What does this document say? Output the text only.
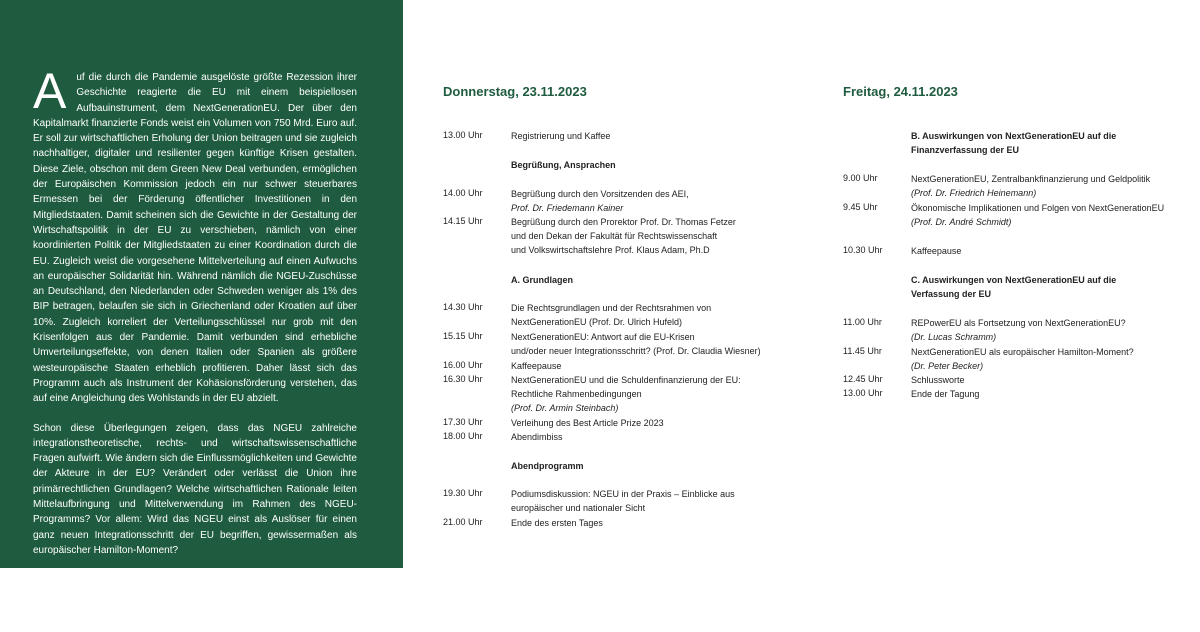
A uf die durch die Pandemie ausgelöste größte Rezession ihrer Geschichte reagierte die EU mit einem beispiellosen Aufbauinstrument, dem NextGenerationEU. Der über den Kapitalmarkt finanzierte Fonds weist ein Volumen von 750 Mrd. Euro auf. Er soll zur wirtschaftlichen Erholung der Union beitragen und sie zugleich nachhaltiger, digitaler und resilienter gegen künftige Krisen gestalten. Diese Ziele, obschon mit dem Green New Deal verbunden, ermöglichen der Europäischen Kommission jedoch ein nur schwer steuerbares Ermessen bei der Förderung öffentlicher Investitionen in den Mitgliedstaaten. Damit scheinen sich die Gewichte in der Gestaltung der Wirtschaftspolitik in der EU zu verschieben, nämlich von einer koordinierten Politik der Mitgliedstaaten zu einer Koordination durch die EU. Zugleich weist die vorgesehene Mittelverteilung auf einen Aufwuchs an europäischer Solidarität hin. Während nämlich die NGEU-Zuschüsse an Deutschland, den Niederlanden oder Schweden weniger als 1% des BIP betragen, belaufen sie sich in Griechenland oder Kroatien auf über 10%. Zugleich korreliert der Verteilungsschlüssel nur grob mit den Krisenfolgen aus der Pandemie. Damit verbunden sind erhebliche Umverteilungseffekte, von denen Italien oder Spanien als größere westeuropäische Staaten erheblich profitieren. Daher lässt sich das Programm auch als Instrument der Kohäsionsförderung verstehen, das auf eine Angleichung des Wohlstands in der EU abzielt.

Schon diese Überlegungen zeigen, dass das NGEU zahlreiche integrationstheoretische, rechts- und wirtschaftswissenschaftliche Fragen aufwirft. Wie ändern sich die Einflussmöglichkeiten und Gewichte der Akteure in der EU? Verändert oder verlässt die Union ihre primärrechtlichen Grundlagen? Welche wirtschaftlichen Rationale leiten Mittelaufbringung und Mittelverwendung im Rahmen des NGEU-Programms? Vor allem: Wird das NGEU einst als Auslöser für einen ganz neuen Integrationsschritt der EU begriffen, gewissermaßen als europäischer Hamilton-Moment?

Die diesjährige Jahrestagung des AEI greift diese und weitere Fragen auf und leistet einen wichtigen Debattenbeitrag zur richtigen Gestaltung und Feinjustierung der europäischen Integration in der Zukunft.

Donnerstag, 23.11.2023	Freitag, 24.11.2023
13.00 Uhr	Registrierung und Kaffee
Begrüßung, Ansprachen
14.00 Uhr	Begrüßung durch den Vorsitzenden des AEI,
Prof. Dr. Friedemann Kainer
14.15 Uhr	Begrüßung durch den Prorektor Prof. Dr. Thomas Fetzer
und den Dekan der Fakultät für Rechtswissenschaft
und Volkswirtschaftslehre Prof. Klaus Adam, Ph.D
A. Grundlagen
14.30 Uhr	Die Rechtsgrundlagen und der Rechtsrahmen von
NextGenerationEU (Prof. Dr. Ulrich Hufeld)
15.15 Uhr	NextGenerationEU: Antwort auf die EU-Krisen
und/oder neuer Integrationsschritt? (Prof. Dr. Claudia Wiesner)
16.00 Uhr	Kaffeepause
16.30 Uhr	NextGenerationEU und die Schuldenfinanzierung der EU:
Rechtliche Rahmenbedingungen
(Prof. Dr. Armin Steinbach)
17.30 Uhr	Verleihung des Best Article Prize 2023
18.00 Uhr	Abendimbiss
Abendprogramm
19.30 Uhr	Podiumsdiskussion: NGEU in der Praxis – Einblicke aus
europäischer und nationaler Sicht
21.00 Uhr	Ende des ersten Tages
B. Auswirkungen von NextGenerationEU auf die
Finanzverfassung der EU
9.00 Uhr	NextGenerationEU, Zentralbankfinanzierung und Geldpolitik
(Prof. Dr. Friedrich Heinemann)
9.45 Uhr	Ökonomische Implikationen und Folgen von NextGenerationEU
(Prof. Dr. André Schmidt)
10.30 Uhr	Kaffeepause
C. Auswirkungen von NextGenerationEU auf die
Verfassung der EU
11.00 Uhr	REPowerEU als Fortsetzung von NextGenerationEU?
(Dr. Lucas Schramm)
11.45 Uhr	NextGenerationEU als europäischer Hamilton-Moment?
(Dr. Peter Becker)
12.45 Uhr	Schlussworte
13.00 Uhr	Ende der Tagung
